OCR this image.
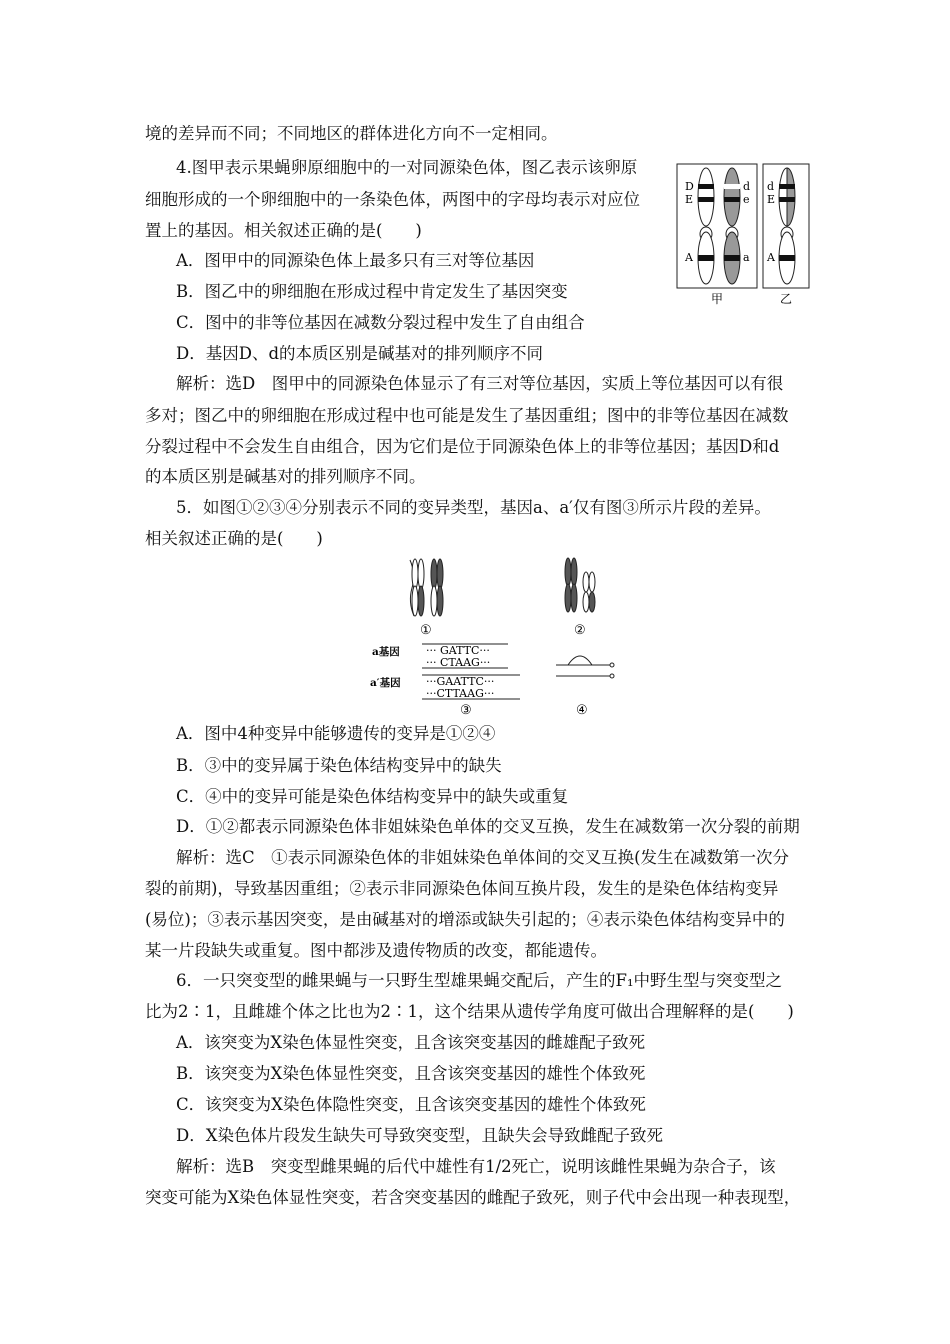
境的差异而不同；不同地区的群体进化方向不一定相同。
4.图甲表示果蝇卵原细胞中的一对同源染色体，图乙表示该卵原
细胞形成的一个卵细胞中的一条染色体，两图中的字母均表示对应位
置上的基因。相关叙述正确的是(　　)
A．图甲中的同源染色体上最多只有三对等位基因
B．图乙中的卵细胞在形成过程中肯定发生了基因突变
C．图中的非等位基因在减数分裂过程中发生了自由组合
D．基因D、d的本质区别是碱基对的排列顺序不同
解析：选D　图甲中的同源染色体显示了有三对等位基因，实质上等位基因可以有很
多对；图乙中的卵细胞在形成过程中也可能是发生了基因重组；图中的非等位基因在减数
分裂过程中不会发生自由组合，因为它们是位于同源染色体上的非等位基因；基因D和d
的本质区别是碱基对的排列顺序不同。
D
E
A
d
e
a
甲
d
E
A
乙
5．如图①②③④分别表示不同的变异类型，基因a、a′仅有图③所示片段的差异。
相关叙述正确的是(　　)
①	②
a基因 ··· GATTC···
··· CTAAG···
a′基因 ···GAATTC···
···CTTAAG···
③	④
A．图中4种变异中能够遗传的变异是①②④
B．③中的变异属于染色体结构变异中的缺失
C．④中的变异可能是染色体结构变异中的缺失或重复
D．①②都表示同源染色体非姐妹染色单体的交叉互换，发生在减数第一次分裂的前期
解析：选C　①表示同源染色体的非姐妹染色单体间的交叉互换(发生在减数第一次分
裂的前期)，导致基因重组；②表示非同源染色体间互换片段，发生的是染色体结构变异
(易位)；③表示基因突变，是由碱基对的增添或缺失引起的；④表示染色体结构变异中的
某一片段缺失或重复。图中都涉及遗传物质的改变，都能遗传。
6．一只突变型的雌果蝇与一只野生型雄果蝇交配后，产生的F₁中野生型与突变型之
比为2∶1，且雌雄个体之比也为2∶1，这个结果从遗传学角度可做出合理解释的是(　　)
A．该突变为X染色体显性突变，且含该突变基因的雌雄配子致死
B．该突变为X染色体显性突变，且含该突变基因的雄性个体致死
C．该突变为X染色体隐性突变，且含该突变基因的雄性个体致死
D．X染色体片段发生缺失可导致突变型，且缺失会导致雌配子致死
解析：选B　突变型雌果蝇的后代中雄性有1/2死亡，说明该雌性果蝇为杂合子，该
突变可能为X染色体显性突变，若含突变基因的雌配子致死，则子代中会出现一种表现型，
